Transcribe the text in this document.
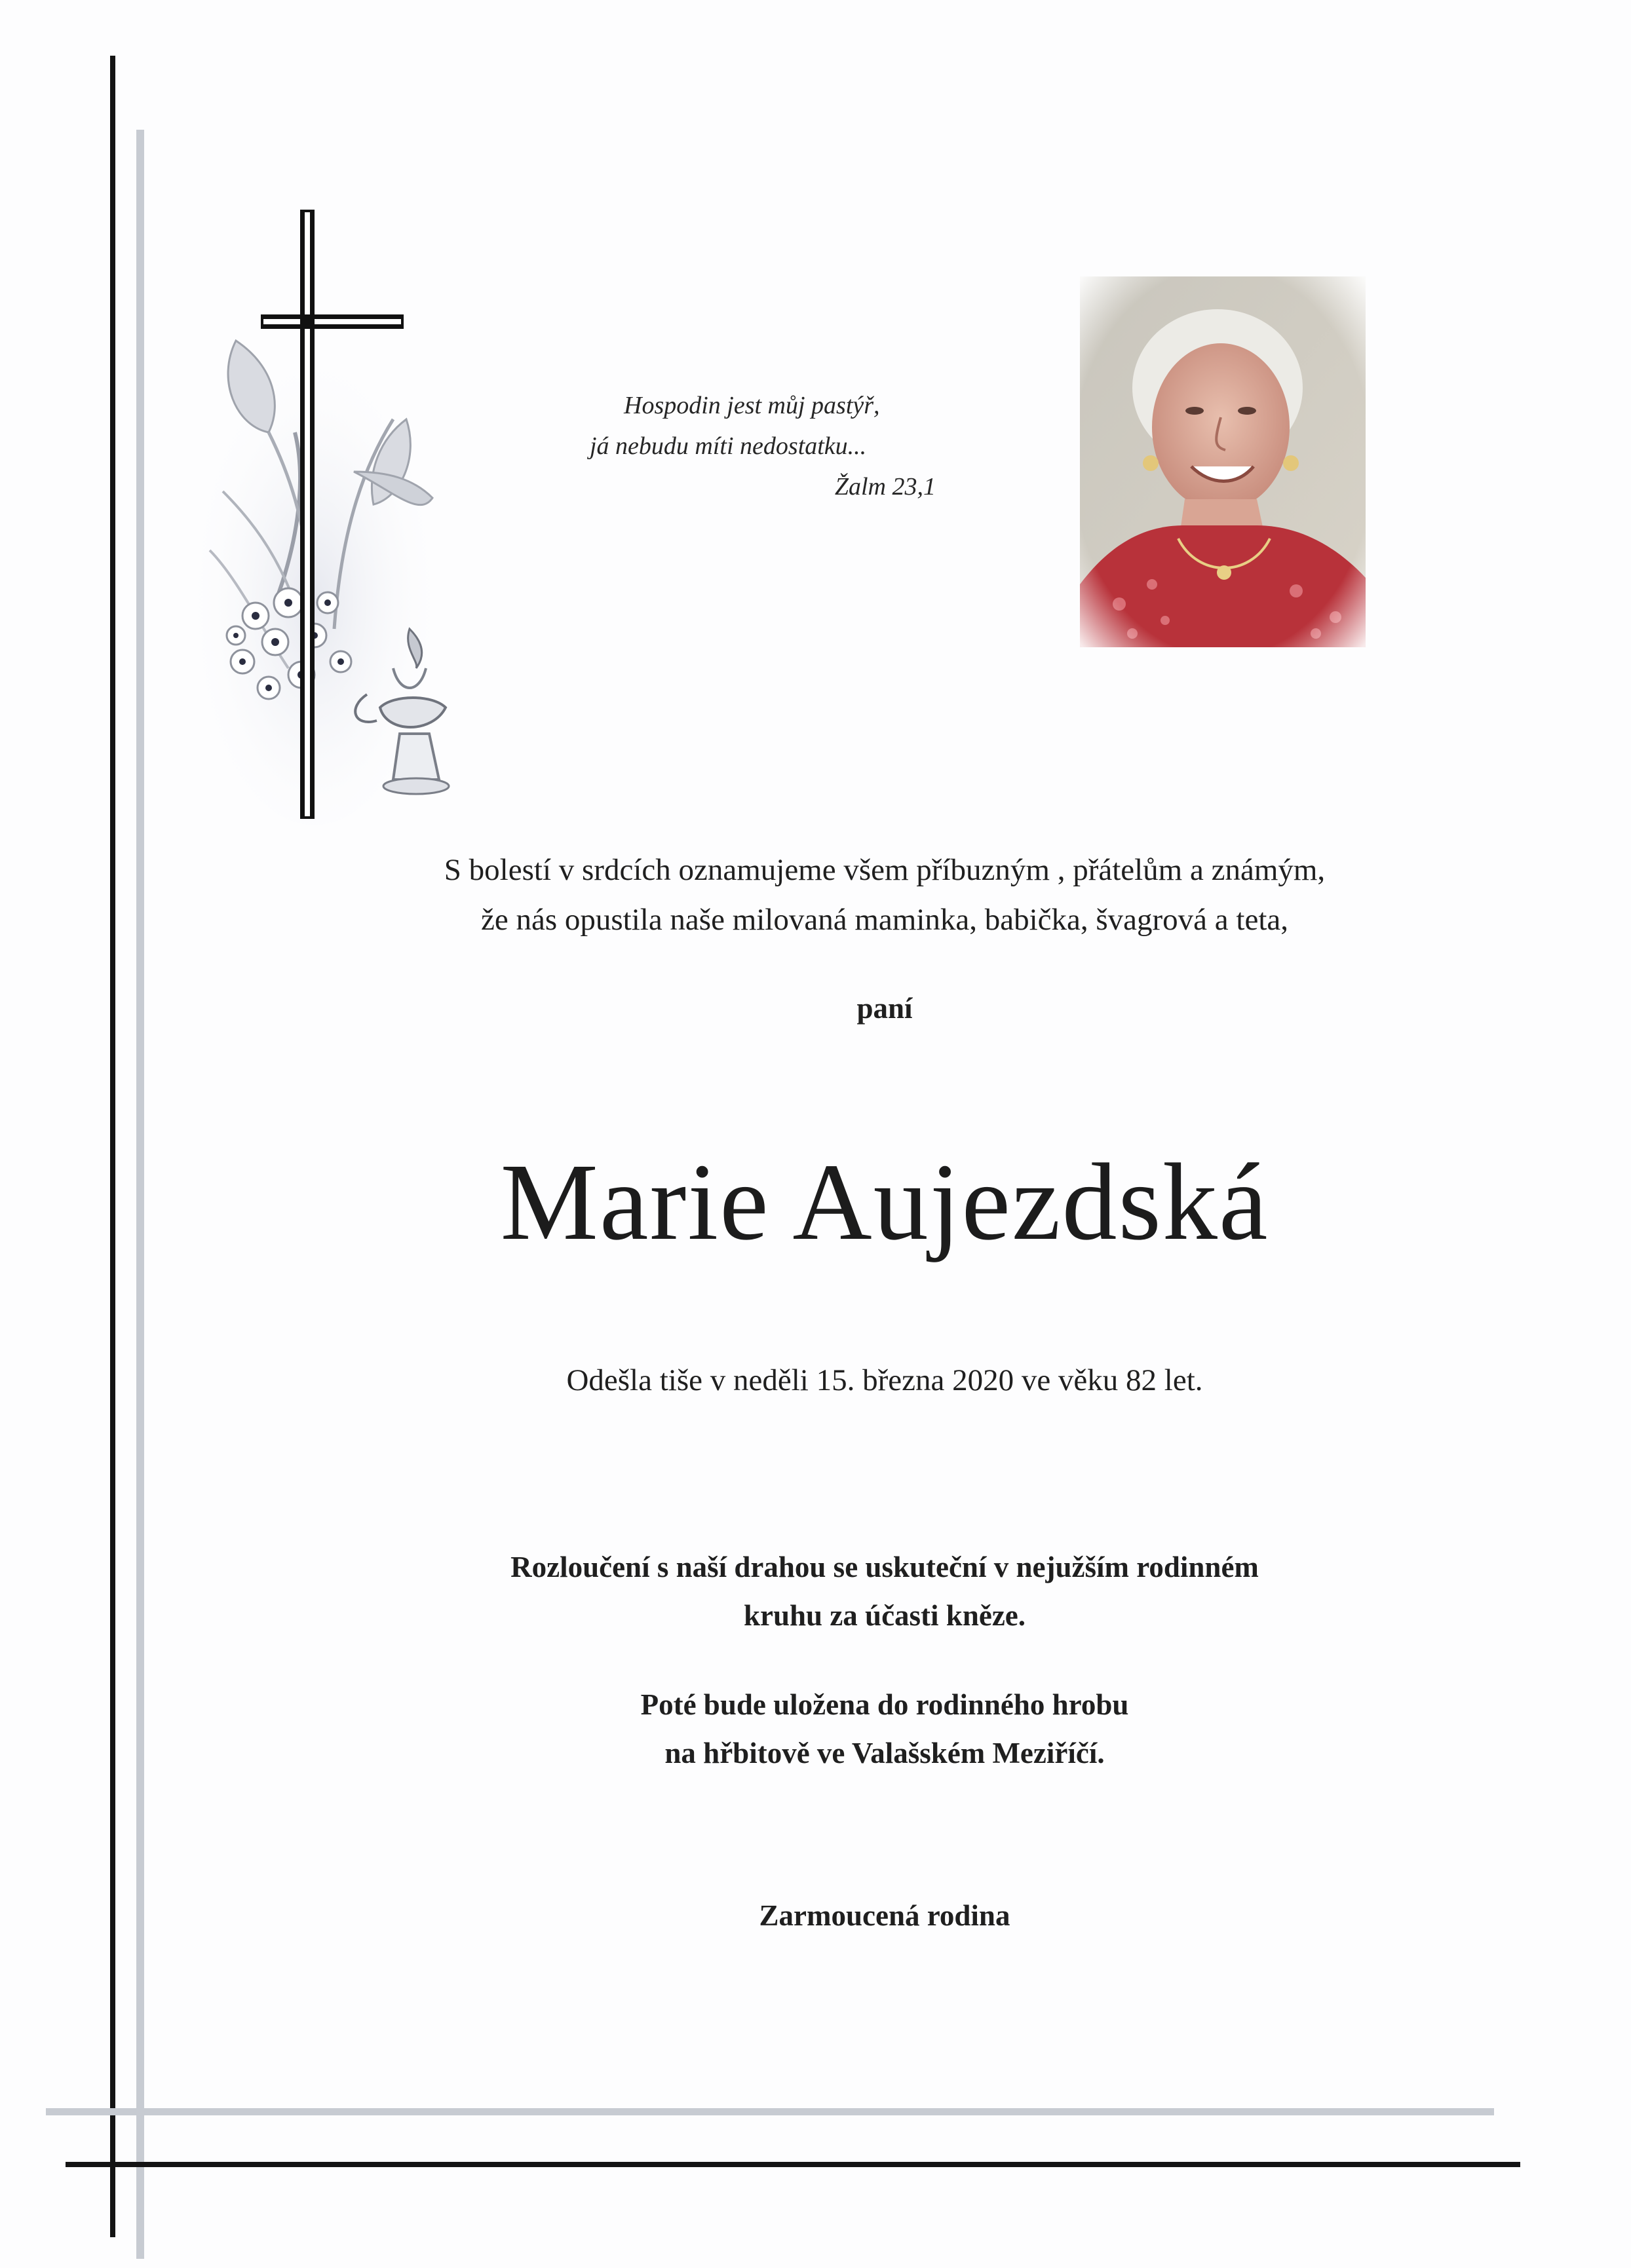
Hospodin jest můj pastýř,
já nebudu míti nedostatku...
Žalm 23,1
S bolestí v srdcích oznamujeme všem příbuzným , přátelům a známým,
že nás opustila naše milovaná maminka, babička, švagrová a teta,
paní
Marie Aujezdská
Odešla tiše v neděli 15. března 2020 ve věku 82 let.
Rozloučení s naší drahou se uskuteční v nejužším rodinném
kruhu za účasti kněze.
Poté bude uložena do rodinného hrobu
na hřbitově ve Valašském Meziříčí.
Zarmoucená rodina
